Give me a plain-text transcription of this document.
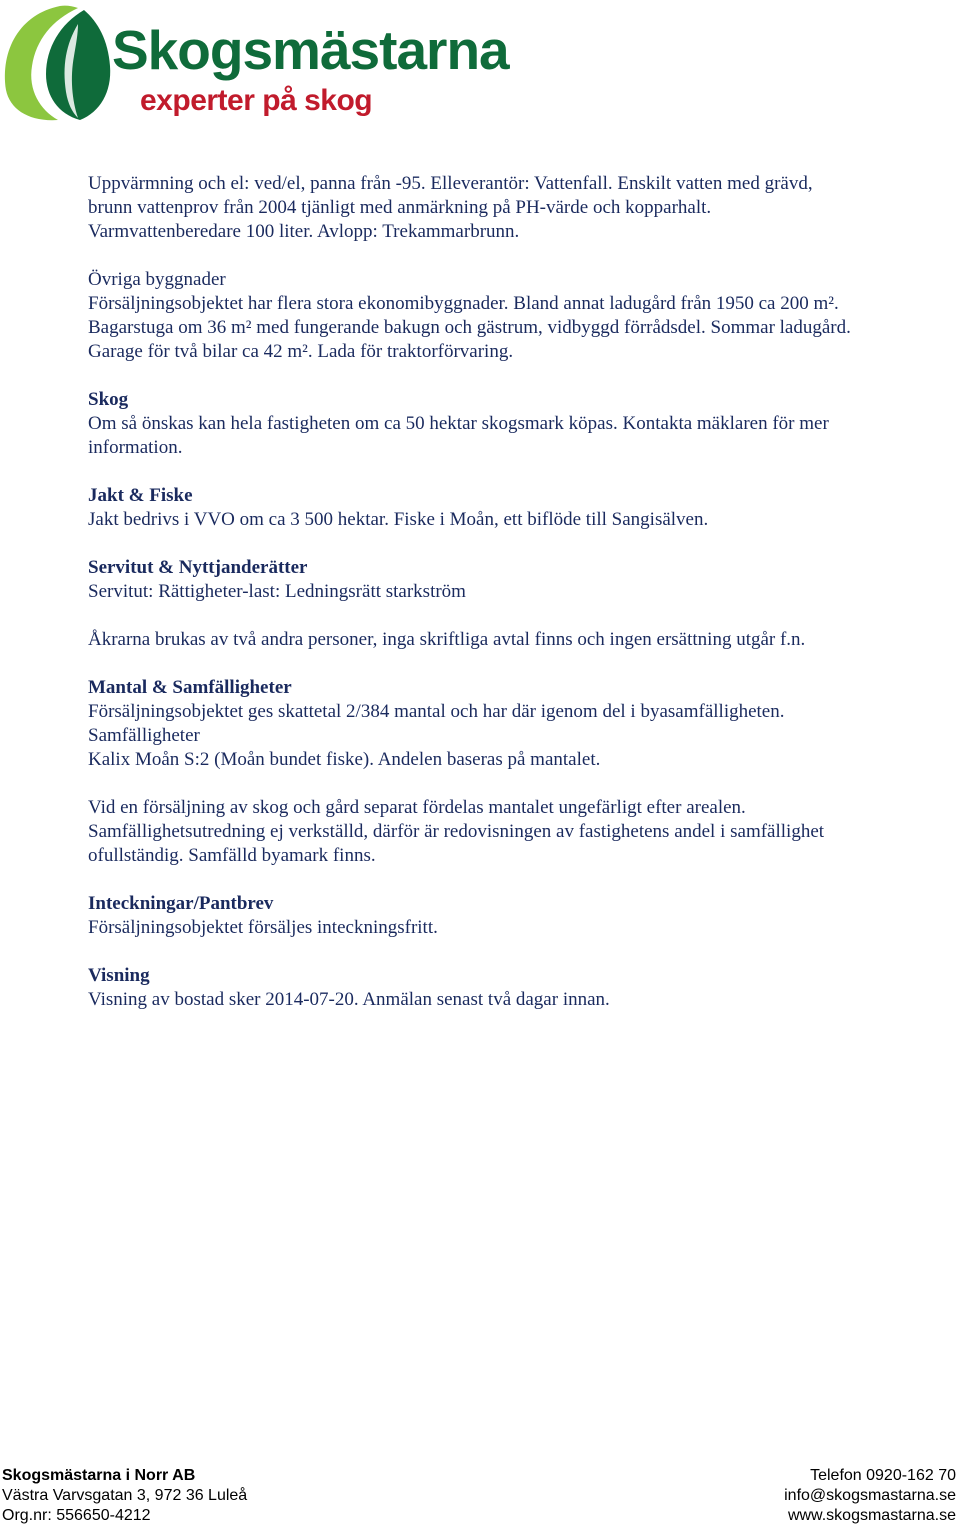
Skogsmästarna
experter på skog

Uppvärmning och el: ved/el, panna från -95. Elleverantör: Vattenfall. Enskilt vatten med grävd,
brunn vattenprov från 2004 tjänligt med anmärkning på PH-värde och kopparhalt.
Varmvattenberedare 100 liter. Avlopp: Trekammarbrunn.

Övriga byggnader
Försäljningsobjektet har flera stora ekonomibyggnader. Bland annat ladugård från 1950 ca 200 m².
Bagarstuga om 36 m² med fungerande bakugn och gästrum, vidbyggd förrådsdel. Sommar ladugård.
Garage för två bilar ca 42 m². Lada för traktorförvaring.

Skog
Om så önskas kan hela fastigheten om ca 50 hektar skogsmark köpas. Kontakta mäklaren för mer
information.

Jakt & Fiske
Jakt bedrivs i VVO om ca 3 500 hektar. Fiske i Moån, ett biflöde till Sangisälven.

Servitut & Nyttjanderätter
Servitut: Rättigheter-last: Ledningsrätt starkström

Åkrarna brukas av två andra personer, inga skriftliga avtal finns och ingen ersättning utgår f.n.

Mantal & Samfälligheter
Försäljningsobjektet ges skattetal 2/384 mantal och har där igenom del i byasamfälligheten.
Samfälligheter
Kalix Moån S:2 (Moån bundet fiske). Andelen baseras på mantalet.

Vid en försäljning av skog och gård separat fördelas mantalet ungefärligt efter arealen.
Samfällighetsutredning ej verkställd, därför är redovisningen av fastighetens andel i samfällighet
ofullständig. Samfälld byamark finns.

Inteckningar/Pantbrev
Försäljningsobjektet försäljes inteckningsfritt.

Visning
Visning av bostad sker 2014-07-20. Anmälan senast två dagar innan.

Skogsmästarna i Norr AB
Västra Varvsgatan 3, 972 36 Luleå
Org.nr: 556650-4212
Telefon 0920-162 70
info@skogsmastarna.se
www.skogsmastarna.se
